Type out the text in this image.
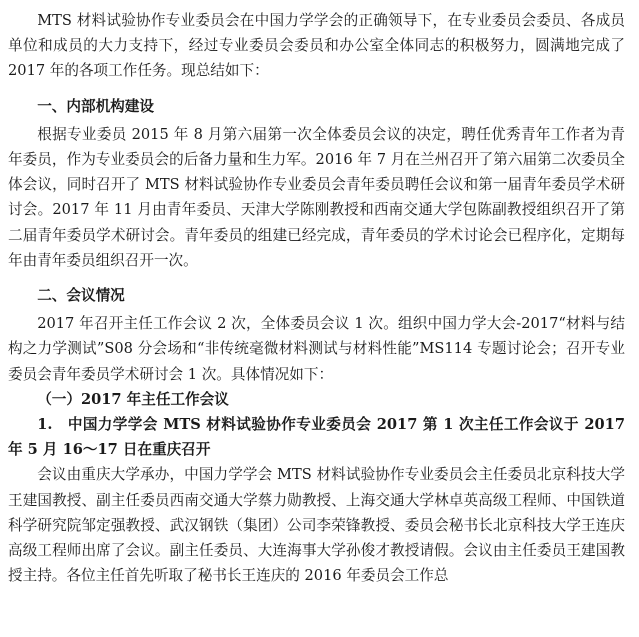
MTS 材料试验协作专业委员会在中国力学学会的正确领导下，在专业委员会委员、各成员单位和成员的大力支持下，经过专业委员会委员和办公室全体同志的积极努力，圆满地完成了 2017 年的各项工作任务。现总结如下：

一、内部机构建设

根据专业委员 2015 年 8 月第六届第一次全体委员会议的决定，聘任优秀青年工作者为青年委员，作为专业委员会的后备力量和生力军。2016 年 7 月在兰州召开了第六届第二次委员全体会议，同时召开了 MTS 材料试验协作专业委员会青年委员聘任会议和第一届青年委员学术研讨会。2017 年 11 月由青年委员、天津大学陈刚教授和西南交通大学包陈副教授组织召开了第二届青年委员学术研讨会。青年委员的组建已经完成，青年委员的学术讨论会已程序化，定期每年由青年委员组织召开一次。

二、会议情况

2017 年召开主任工作会议 2 次，全体委员会议 1 次。组织中国力学大会-2017“材料与结构之力学测试”S08 分会场和“非传统毫微材料测试与材料性能”MS114 专题讨论会；召开专业委员会青年委员学术研讨会 1 次。具体情况如下：

（一）2017 年主任工作会议

1.　中国力学学会 MTS 材料试验协作专业委员会 2017 第 1 次主任工作会议于 2017 年 5 月 16～17 日在重庆召开

会议由重庆大学承办，中国力学学会 MTS 材料试验协作专业委员会主任委员北京科技大学王建国教授、副主任委员西南交通大学蔡力勋教授、上海交通大学林卓英高级工程师、中国铁道科学研究院邹定强教授、武汉钢铁（集团）公司李荣锋教授、委员会秘书长北京科技大学王连庆高级工程师出席了会议。副主任委员、大连海事大学孙俊才教授请假。会议由主任委员王建国教授主持。各位主任首先听取了秘书长王连庆的 2016 年委员会工作总
